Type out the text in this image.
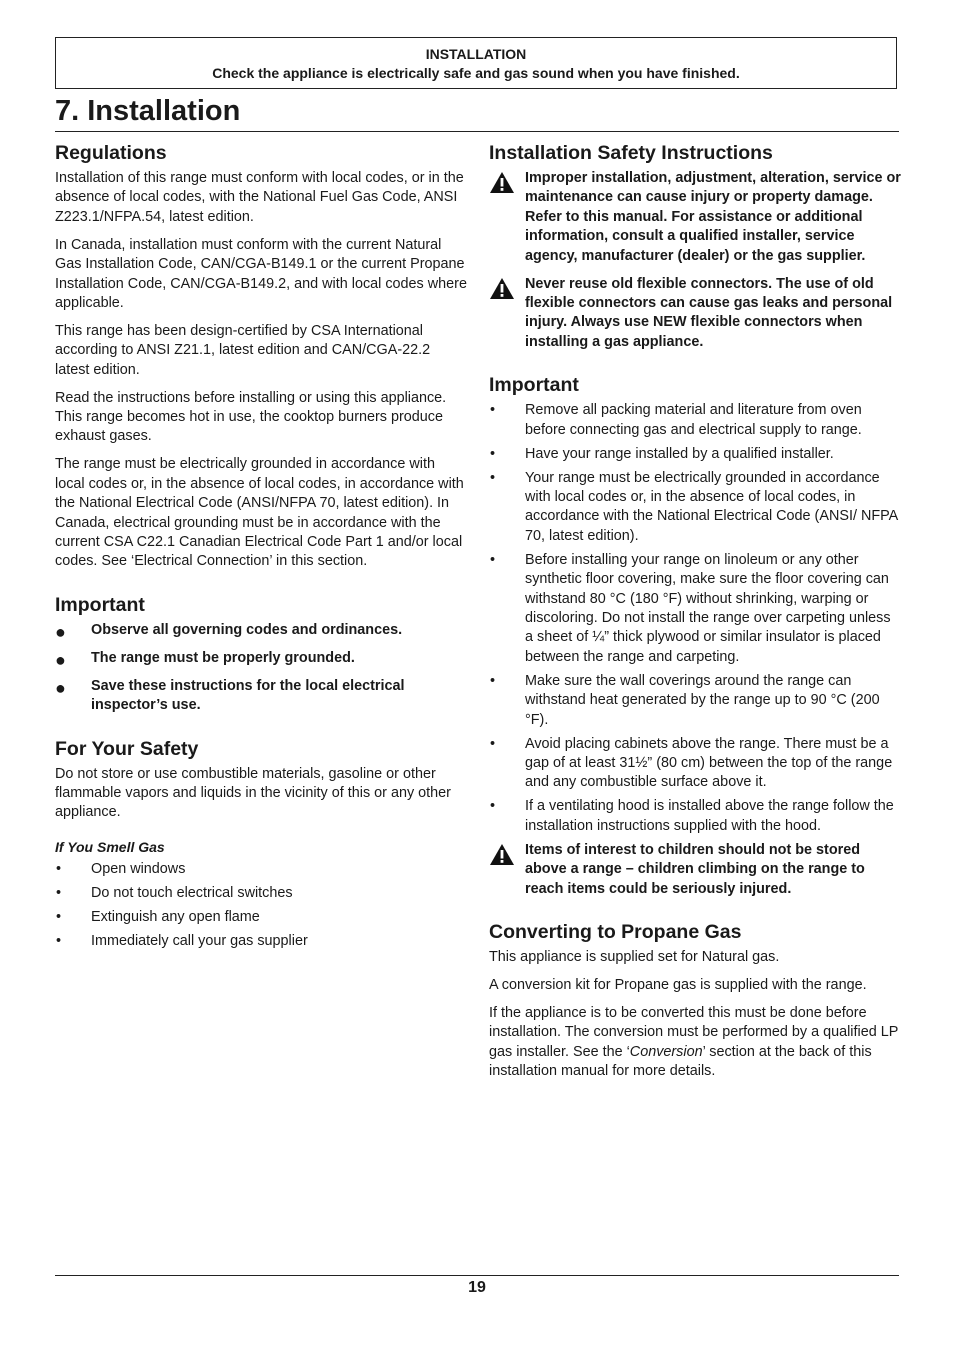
INSTALLATION
Check the appliance is electrically safe and gas sound when you have finished.
7. Installation
Regulations

Installation of this range must conform with local codes, or in the absence of local codes, with the National Fuel Gas Code, ANSI Z223.1/NFPA.54, latest edition.

In Canada, installation must conform with the current Natural Gas Installation Code, CAN/CGA-B149.1 or the current Propane Installation Code, CAN/CGA-B149.2, and with local codes where applicable.

This range has been design-certified by CSA International according to ANSI Z21.1, latest edition and CAN/CGA-22.2 latest edition.

Read the instructions before installing or using this appliance. This range becomes hot in use, the cooktop burners produce exhaust gases.

The range must be electrically grounded in accordance with local codes or, in the absence of local codes, in accordance with the National Electrical Code (ANSI/NFPA 70, latest edition). In Canada, electrical grounding must be in accordance with the current CSA C22.1 Canadian Electrical Code Part 1 and/or local codes. See ‘Electrical Connection’ in this section.

Important
● Observe all governing codes and ordinances.
● The range must be properly grounded.
● Save these instructions for the local electrical inspector’s use.
For Your Safety

Do not store or use combustible materials, gasoline or other flammable vapors and liquids in the vicinity of this or any other appliance.

If You Smell Gas
• Open windows
• Do not touch electrical switches
• Extinguish any open flame
• Immediately call your gas supplier
Installation Safety Instructions
Improper installation, adjustment, alteration, service or maintenance can cause injury or property damage. Refer to this manual. For assistance or additional information, consult a qualified installer, service agency, manufacturer (dealer) or the gas supplier.
Never reuse old flexible connectors. The use of old flexible connectors can cause gas leaks and personal injury. Always use NEW flexible connectors when installing a gas appliance.
Important
• Remove all packing material and literature from oven before connecting gas and electrical supply to range.
• Have your range installed by a qualified installer.
• Your range must be electrically grounded in accordance with local codes or, in the absence of local codes, in accordance with the National Electrical Code (ANSI/ NFPA 70, latest edition).
• Before installing your range on linoleum or any other synthetic floor covering, make sure the floor covering can withstand 80 °C (180 °F) without shrinking, warping or discoloring. Do not install the range over carpeting unless a sheet of ¼” thick plywood or similar insulator is placed between the range and carpeting.
• Make sure the wall coverings around the range can withstand heat generated by the range up to 90 °C (200 °F).
• Avoid placing cabinets above the range. There must be a gap of at least 31½” (80 cm) between the top of the range and any combustible surface above it.
• If a ventilating hood is installed above the range follow the installation instructions supplied with the hood.
Items of interest to children should not be stored above a range – children climbing on the range to reach items could be seriously injured.
Converting to Propane Gas

This appliance is supplied set for Natural gas.

A conversion kit for Propane gas is supplied with the range.

If the appliance is to be converted this must be done before installation. The conversion must be performed by a qualified LP gas installer. See the ‘Conversion’ section at the back of this installation manual for more details.

19
